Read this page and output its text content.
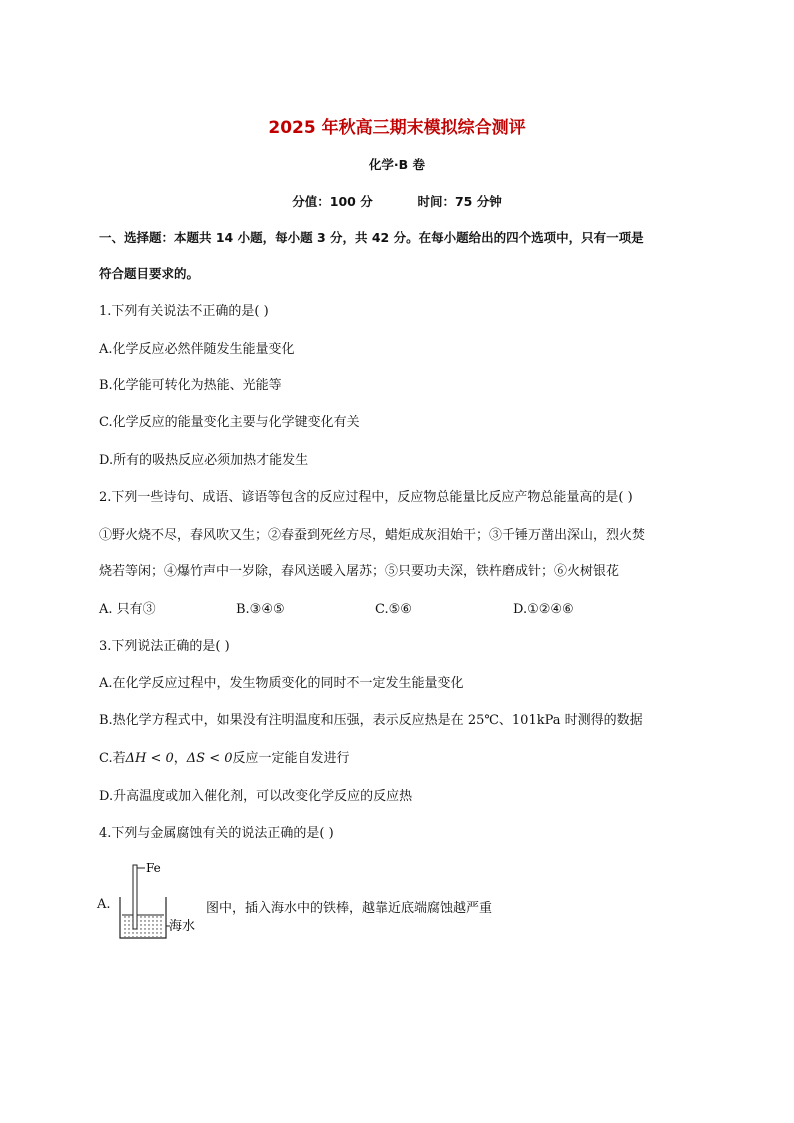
2025 年秋高三期末模拟综合测评
化学·B 卷
分值：100 分	时间：75 分钟
一、选择题：本题共 14 小题，每小题 3 分，共 42 分。在每小题给出的四个选项中，只有一项是
符合题目要求的。
1.下列有关说法不正确的是( )
A.化学反应必然伴随发生能量变化
B.化学能可转化为热能、光能等
C.化学反应的能量变化主要与化学键变化有关
D.所有的吸热反应必须加热才能发生
2.下列一些诗句、成语、谚语等包含的反应过程中，反应物总能量比反应产物总能量高的是( )
①野火烧不尽，春风吹又生；②春蚕到死丝方尽，蜡炬成灰泪始干；③千锤万凿出深山，烈火焚
烧若等闲；④爆竹声中一岁除，春风送暖入屠苏；⑤只要功夫深，铁杵磨成针；⑥火树银花
A. 只有③	B.③④⑤	C.⑤⑥	D.①②④⑥
3.下列说法正确的是( )
A.在化学反应过程中，发生物质变化的同时不一定发生能量变化
B.热化学方程式中，如果没有注明温度和压强，表示反应热是在 25℃、101kPa 时测得的数据
C.若ΔH < 0，ΔS < 0反应一定能自发进行
D.升高温度或加入催化剂，可以改变化学反应的反应热
4.下列与金属腐蚀有关的说法正确的是( )
A.
Fe
海水
图中，插入海水中的铁棒，越靠近底端腐蚀越严重
